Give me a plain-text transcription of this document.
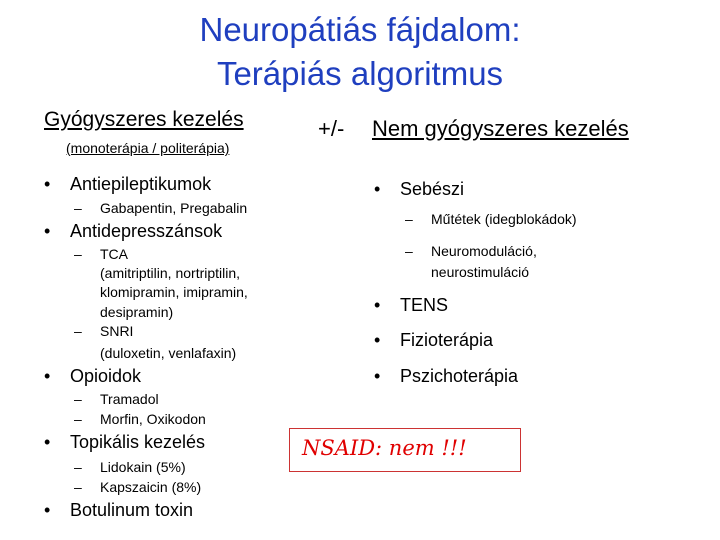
Neuropátiás fájdalom:
Terápiás algoritmus
Gyógyszeres kezelés
(monoterápia / politerápia)
+/- Nem gyógyszeres kezelés
• Antiepileptikumok
– Gabapentin, Pregabalin
• Antidepresszánsok
– TCA
(amitriptilin, nortriptilin,
klomipramin, imipramin,
desipramin)
– SNRI
(duloxetin, venlafaxin)
• Opioidok
– Tramadol
– Morfin, Oxikodon
• Topikális kezelés
– Lidokain (5%)
– Kapszaicin (8%)
• Botulinum toxin
• Sebészi
– Műtétek (idegblokádok)
– Neuromoduláció,
neurostimuláció
• TENS
• Fizioterápia
• Pszichoterápia
NSAID: nem !!!
